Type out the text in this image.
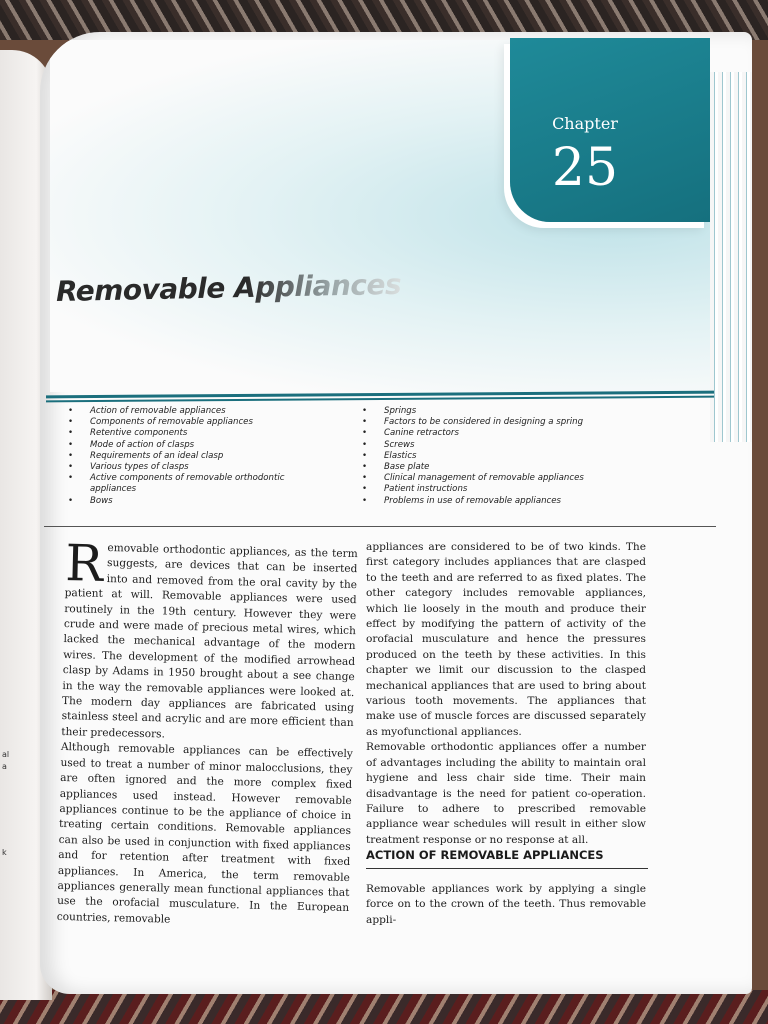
al
a
k
Chapter
25
Removable Appliances
• Action of removable appliances
• Components of removable appliances
• Retentive components
• Mode of action of clasps
• Requirements of an ideal clasp
• Various types of clasps
• Active components of removable orthodontic appliances
• Bows
• Springs
• Factors to be considered in designing a spring
• Canine retractors
• Screws
• Elastics
• Base plate
• Clinical management of removable appliances
• Patient instructions
• Problems in use of removable appliances
Removable orthodontic appliances, as the term suggests, are devices that can be inserted into and removed from the oral cavity by the patient at will. Removable appliances were used routinely in the 19th century. However they were crude and were made of precious metal wires, which lacked the mechanical advantage of the modern wires. The development of the modified arrowhead clasp by Adams in 1950 brought about a see change in the way the removable appliances were looked at. The modern day appliances are fabricated using stainless steel and acrylic and are more efficient than their predecessors.
Although removable appliances can be effectively used to treat a number of minor malocclusions, they are often ignored and the more complex fixed appliances used instead. However removable appliances continue to be the appliance of choice in treating certain conditions. Removable appliances can also be used in conjunction with fixed appliances and for retention after treatment with fixed appliances. In America, the term removable appliances generally mean functional appliances that use the orofacial musculature. In the European countries, removable
appliances are considered to be of two kinds. The first category includes appliances that are clasped to the teeth and are referred to as fixed plates. The other category includes removable appliances, which lie loosely in the mouth and produce their effect by modifying the pattern of activity of the orofacial musculature and hence the pressures produced on the teeth by these activities. In this chapter we limit our discussion to the clasped mechanical appliances that are used to bring about various tooth movements. The appliances that make use of muscle forces are discussed separately as myofunctional appliances.
Removable orthodontic appliances offer a number of advantages including the ability to maintain oral hygiene and less chair side time. Their main disadvantage is the need for patient co-operation. Failure to adhere to prescribed removable appliance wear schedules will result in either slow treatment response or no response at all.
ACTION OF REMOVABLE APPLIANCES
Removable appliances work by applying a single force on to the crown of the teeth. Thus removable appli-
